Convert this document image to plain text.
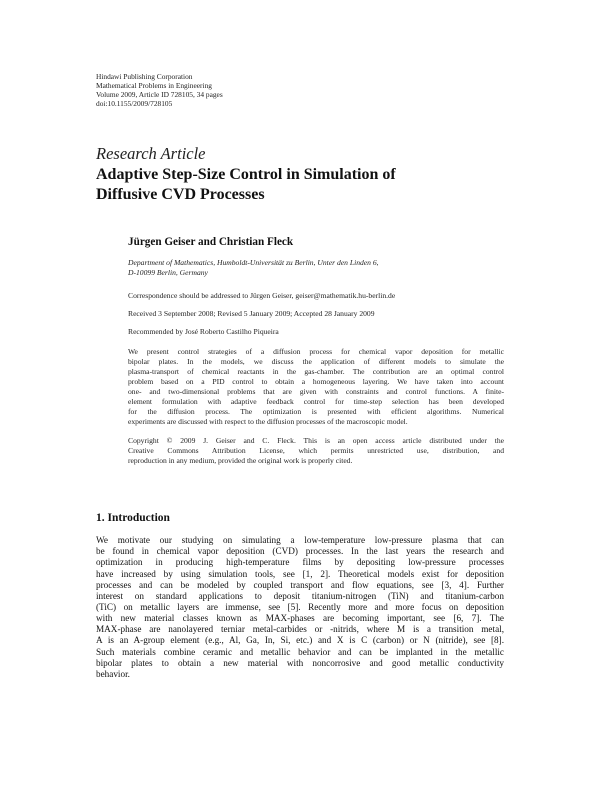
Hindawi Publishing Corporation
Mathematical Problems in Engineering
Volume 2009, Article ID 728105, 34 pages
doi:10.1155/2009/728105
Research Article
Adaptive Step-Size Control in Simulation of
Diffusive CVD Processes
Jürgen Geiser and Christian Fleck
Department of Mathematics, Humboldt-Universität zu Berlin, Unter den Linden 6,
D-10099 Berlin, Germany
Correspondence should be addressed to Jürgen Geiser, geiser@mathematik.hu-berlin.de
Received 3 September 2008; Revised 5 January 2009; Accepted 28 January 2009
Recommended by José Roberto Castilho Piqueira
We present control strategies of a diffusion process for chemical vapor deposition for metallic
bipolar plates. In the models, we discuss the application of different models to simulate the
plasma-transport of chemical reactants in the gas-chamber. The contribution are an optimal control
problem based on a PID control to obtain a homogeneous layering. We have taken into account
one- and two-dimensional problems that are given with constraints and control functions. A finite-
element formulation with adaptive feedback control for time-step selection has been developed
for the diffusion process. The optimization is presented with efficient algorithms. Numerical
experiments are discussed with respect to the diffusion processes of the macroscopic model.
Copyright © 2009 J. Geiser and C. Fleck. This is an open access article distributed under the
Creative Commons Attribution License, which permits unrestricted use, distribution, and
reproduction in any medium, provided the original work is properly cited.
1. Introduction
We motivate our studying on simulating a low-temperature low-pressure plasma that can
be found in chemical vapor deposition (CVD) processes. In the last years the research and
optimization in producing high-temperature films by depositing low-pressure processes
have increased by using simulation tools, see [1, 2]. Theoretical models exist for deposition
processes and can be modeled by coupled transport and flow equations, see [3, 4]. Further
interest on standard applications to deposit titanium-nitrogen (TiN) and titanium-carbon
(TiC) on metallic layers are immense, see [5]. Recently more and more focus on deposition
with new material classes known as MAX-phases are becoming important, see [6, 7]. The
MAX-phase are nanolayered terniar metal-carbides or -nitrids, where M is a transition metal,
A is an A-group element (e.g., Al, Ga, In, Si, etc.) and X is C (carbon) or N (nitride), see [8].
Such materials combine ceramic and metallic behavior and can be implanted in the metallic
bipolar plates to obtain a new material with noncorrosive and good metallic conductivity
behavior.
